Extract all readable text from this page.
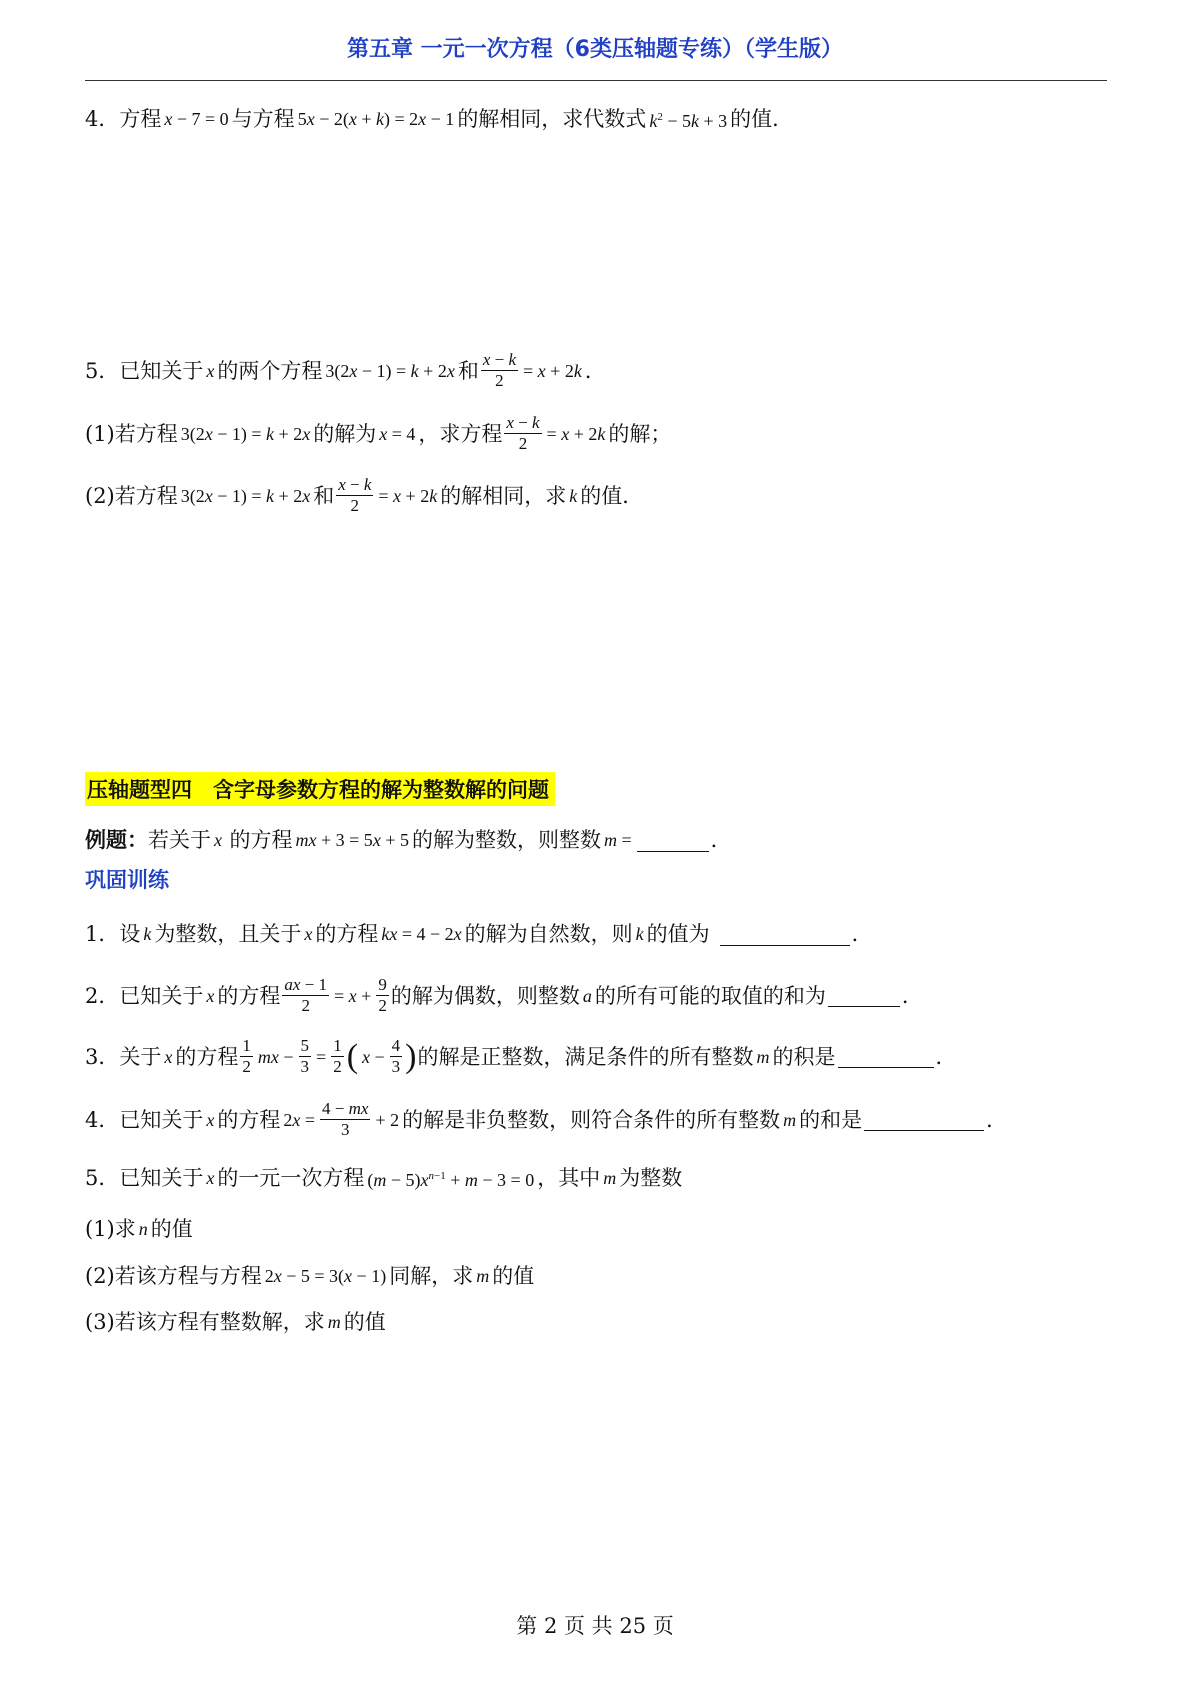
第五章 一元一次方程（6类压轴题专练）（学生版）
4． 方程 x − 7 = 0 与方程 5x − 2(x + k) = 2x − 1 的解相同，求代数式 $k^2 - 5k + 3$ 的值．
5． 已知关于 x 的两个方程 3(2x − 1) = k + 2x 和 $\frac{x - k}{2} = x + 2k$ ．
(1)若方程 3(2x − 1) = k + 2x 的解为 x = 4 ，求方程 $\frac{x - k}{2} = x + 2k$ 的解；
(2)若方程 3(2x − 1) = k + 2x 和 $\frac{x - k}{2} = x + 2k$ 的解相同，求 k 的值．
压轴题型四　含字母参数方程的解为整数解的问题
例题： 若关于 x 的方程 mx + 3 = 5x + 5 的解为整数，则整数 m =	．
巩固训练
1． 设 k 为整数，且关于 x 的方程 kx = 4 − 2x 的解为自然数，则 k 的值为	．
2． 已知关于 x 的方程 $\frac{ax - 1}{2} = x + \frac{9}{2}$ 的解为偶数，则整数 a 的所有可能的取值的和为	．
3． 关于 x 的方程 $\frac{1}{2}$ mx − $\frac{5}{3} = \frac{1}{2}$ ( $x - \frac{4}{3}$ ) 的解是正整数，满足条件的所有整数 m 的积是	．
4． 已知关于 x 的方程 $2x = \frac{4 - mx}{3} + 2$ 的解是非负整数，则符合条件的所有整数 m 的和是	．
5． 已知关于 x 的一元一次方程 $(m - 5)x^{n-1} + m - 3 = 0$ ，其中 m 为整数
(1)求 n 的值
(2)若该方程与方程 2x − 5 = 3(x − 1) 同解，求 m 的值
(3)若该方程有整数解，求 m 的值
第 2 页 共 25 页
